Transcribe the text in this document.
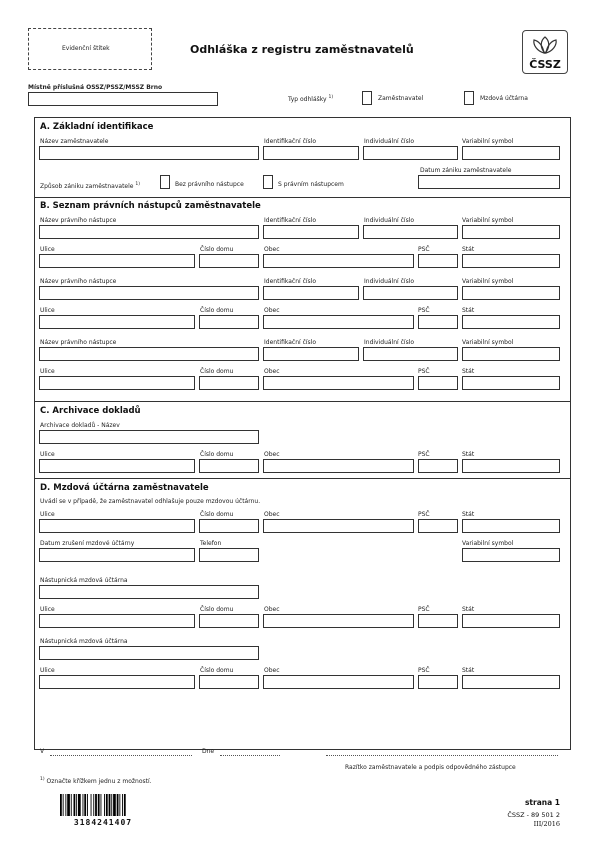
Evidenční štítek	Odhláška z registru zaměstnavatelů
ČSSZ
Místně příslušná OSSZ/PSSZ/MSSZ Brno
Typ odhlášky $^{1)}$	Zaměstnavatel	Mzdová účtárna
A. Základní identifikace
Název zaměstnavatele	Identifikační číslo	Individuální číslo	Variabilní symbol
Datum zániku zaměstnavatele
Způsob zániku zaměstnavatele $^{1)}$	Bez právního nástupce	S právním nástupcem
B. Seznam právních nástupců zaměstnavatele
Název právního nástupce	Identifikační číslo	Individuální číslo	Variabilní symbol
Ulice	Číslo domu	Obec	PSČ	Stát
Název právního nástupce	Identifikační číslo	Individuální číslo	Variabilní symbol
Ulice	Číslo domu	Obec	PSČ	Stát
Název právního nástupce	Identifikační číslo	Individuální číslo	Variabilní symbol
Ulice	Číslo domu	Obec	PSČ	Stát
C. Archivace dokladů
Archivace dokladů - Název
Ulice	Číslo domu	Obec	PSČ	Stát
D. Mzdová účtárna zaměstnavatele
Uvádí se v případě, že zaměstnavatel odhlašuje pouze mzdovou účtárnu.
Ulice	Číslo domu	Obec	PSČ	Stát
Datum zrušení mzdové účtárny	Telefon	Variabilní symbol
Nástupnická mzdová účtárna
Ulice	Číslo domu	Obec	PSČ	Stát
Nástupnická mzdová účtárna
Ulice	Číslo domu	Obec	PSČ	Stát
V	Dne
Razítko zaměstnavatele a podpis odpovědného zástupce
$^{1)}$ Označte křížkem jednu z možností.
3184241407
strana 1
ČSSZ - 89 501 2
III/2016
